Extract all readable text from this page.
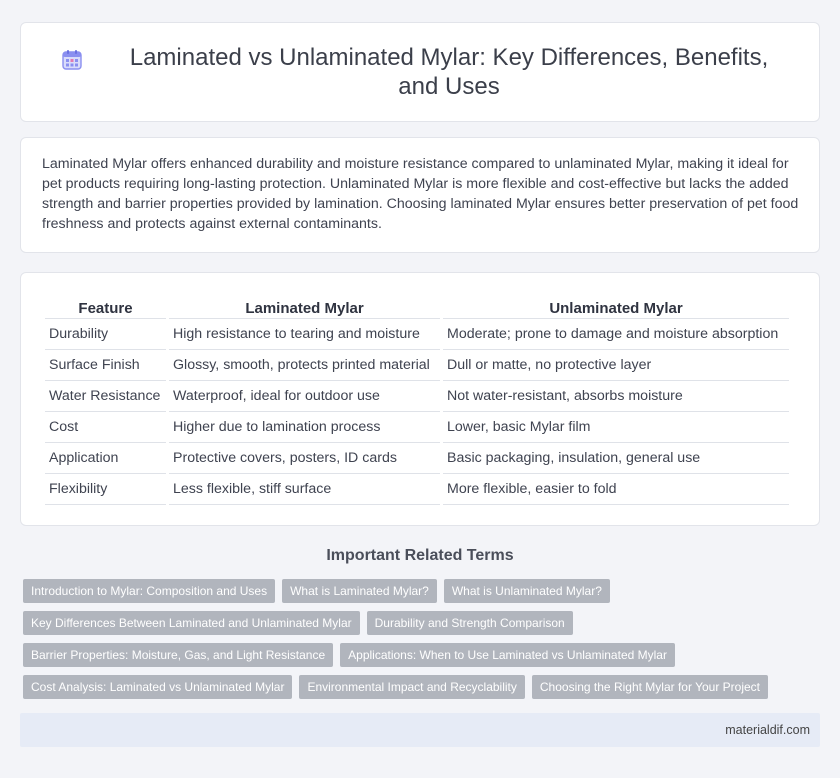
Laminated vs Unlaminated Mylar: Key Differences, Benefits, and Uses

Laminated Mylar offers enhanced durability and moisture resistance compared to unlaminated Mylar, making it ideal for pet products requiring long-lasting protection. Unlaminated Mylar is more flexible and cost-effective but lacks the added strength and barrier properties provided by lamination. Choosing laminated Mylar ensures better preservation of pet food freshness and protects against external contaminants.

Feature	Laminated Mylar	Unlaminated Mylar
Durability	High resistance to tearing and moisture	Moderate; prone to damage and moisture absorption
Surface Finish	Glossy, smooth, protects printed material	Dull or matte, no protective layer
Water Resistance	Waterproof, ideal for outdoor use	Not water-resistant, absorbs moisture
Cost	Higher due to lamination process	Lower, basic Mylar film
Application	Protective covers, posters, ID cards	Basic packaging, insulation, general use
Flexibility	Less flexible, stiff surface	More flexible, easier to fold
Important Related Terms
Introduction to Mylar: Composition and Uses	What is Laminated Mylar?	What is Unlaminated Mylar?
Key Differences Between Laminated and Unlaminated Mylar	Durability and Strength Comparison
Barrier Properties: Moisture, Gas, and Light Resistance	Applications: When to Use Laminated vs Unlaminated Mylar
Cost Analysis: Laminated vs Unlaminated Mylar	Environmental Impact and Recyclability	Choosing the Right Mylar for Your Project
materialdif.com
